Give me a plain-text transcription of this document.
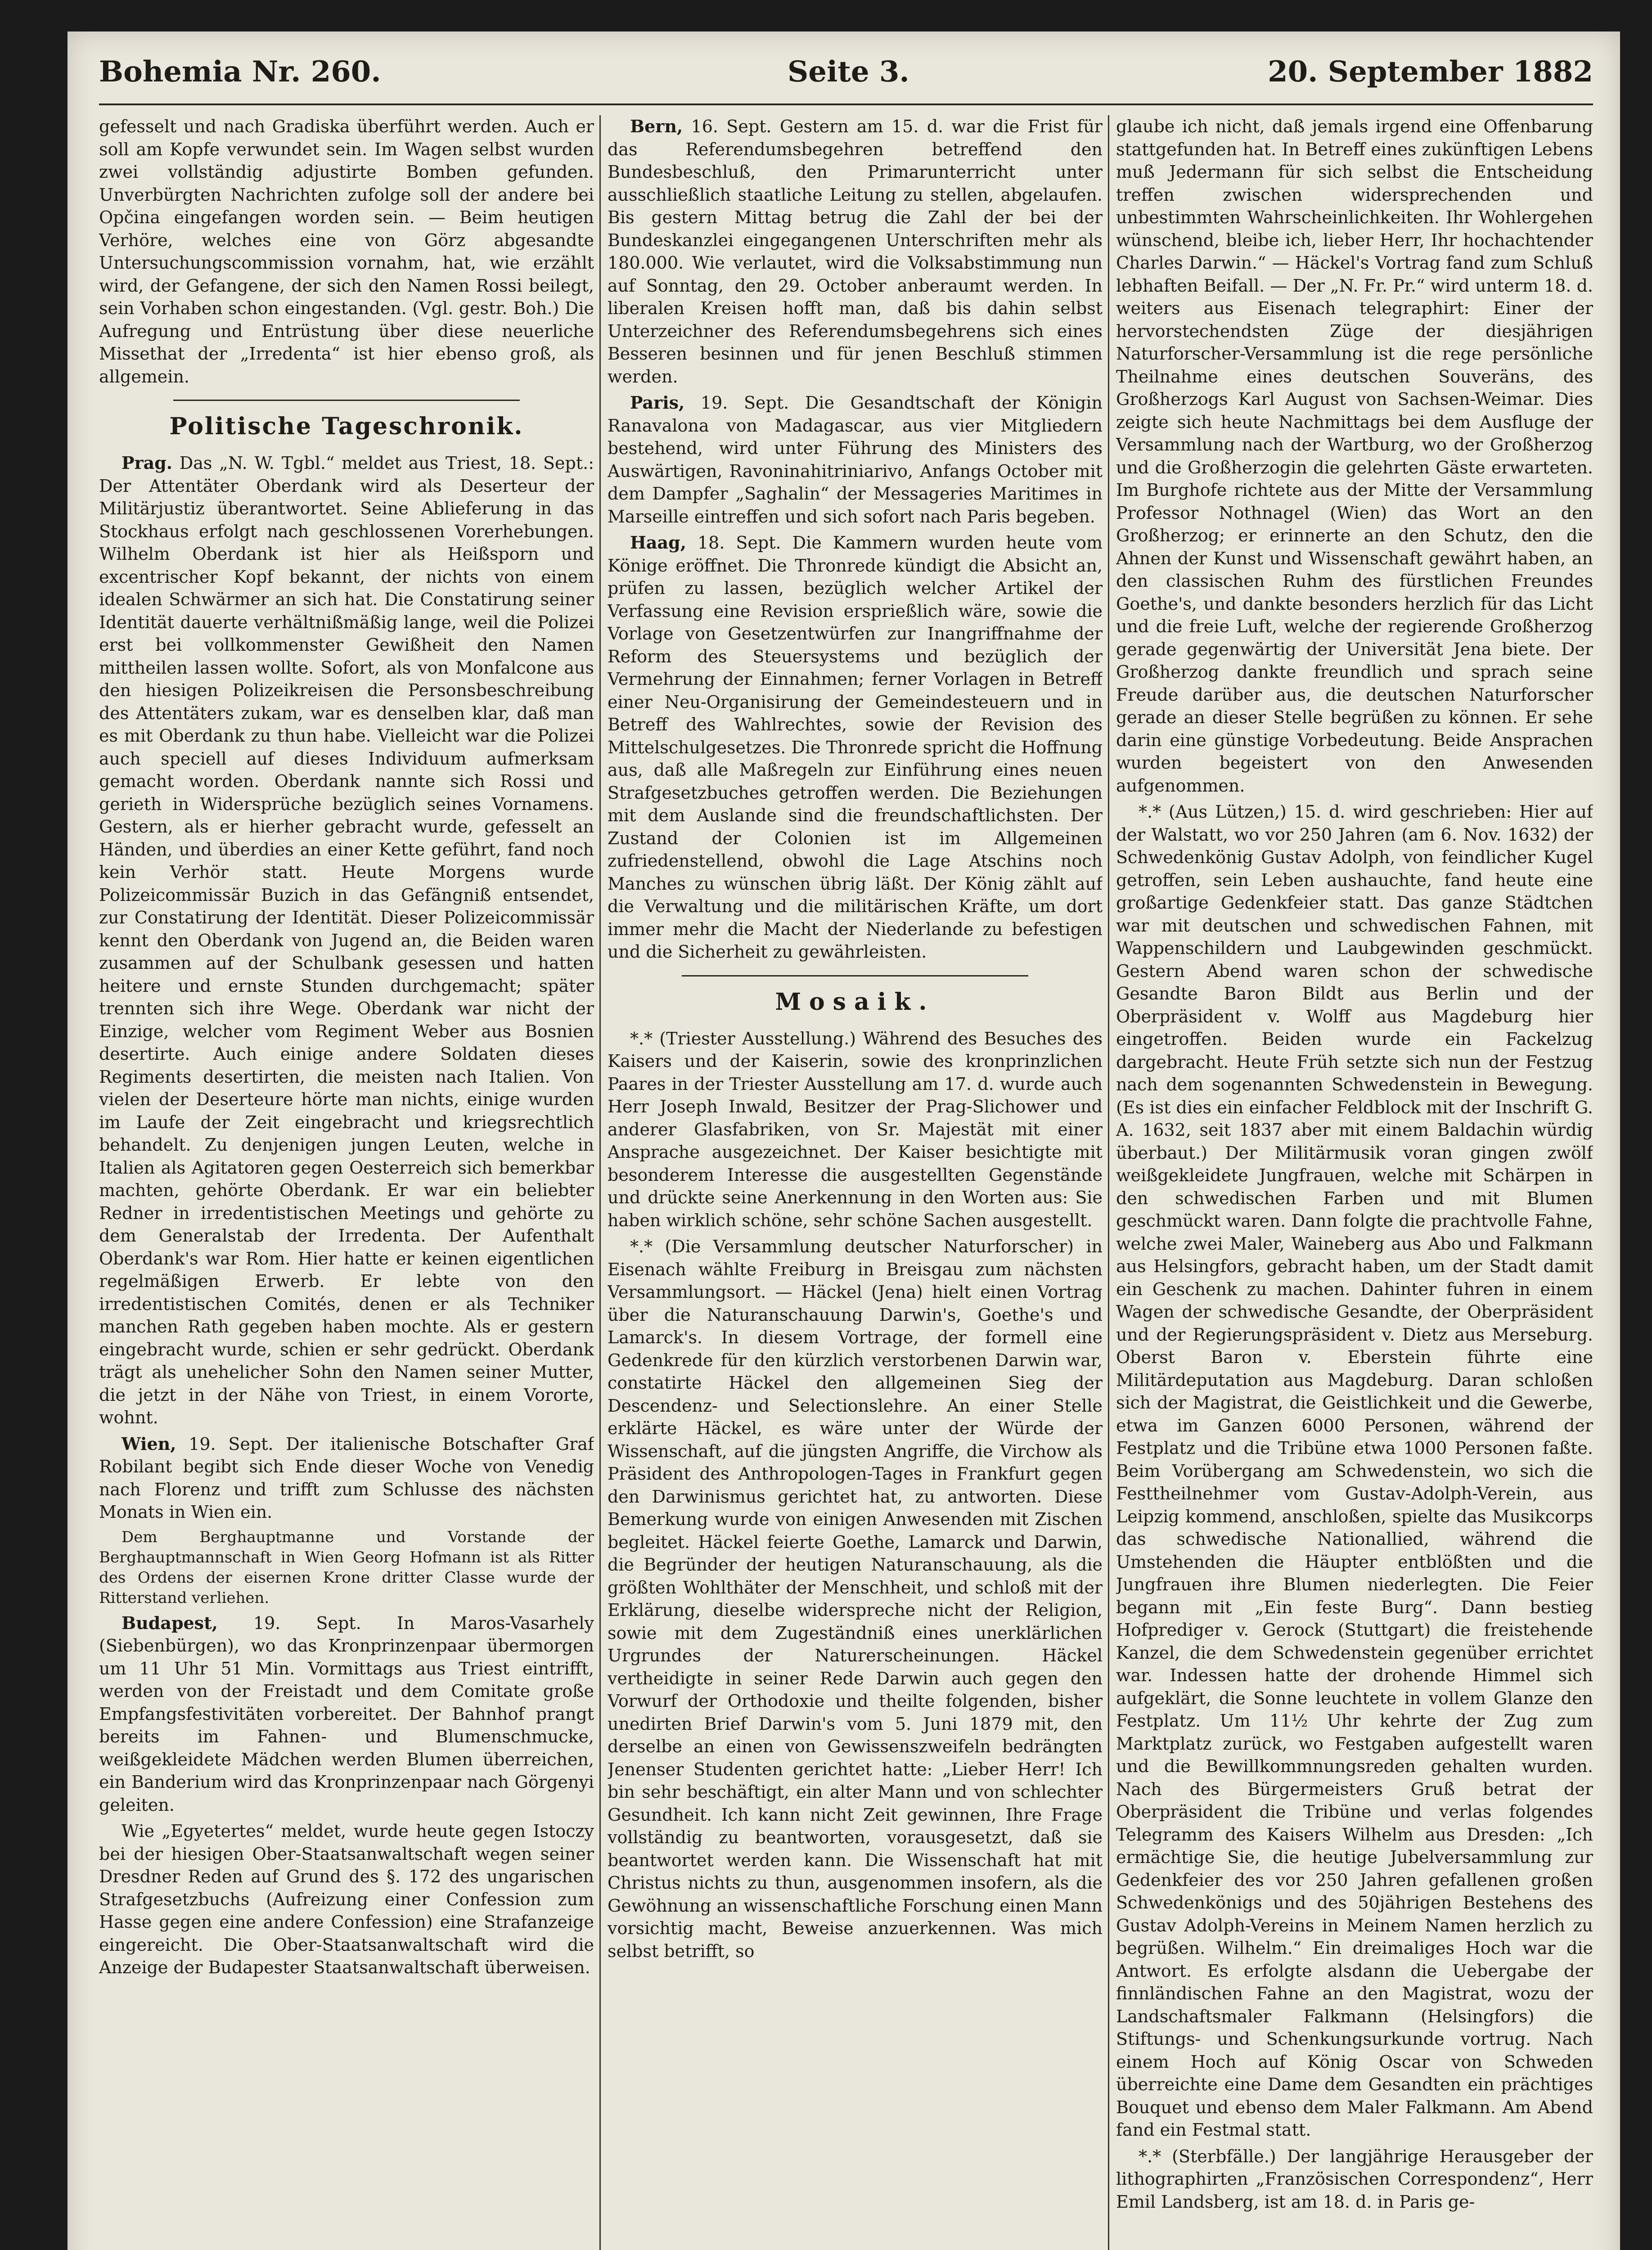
Bohemia Nr. 260.	Seite 3.	20. September 1882

gefesselt und nach Gradiska überführt werden. Auch er soll am Kopfe verwundet sein. Im Wagen selbst wurden zwei vollständig adjustirte Bomben gefunden. Unverbürgten Nachrichten zufolge soll der andere bei Opčina eingefangen worden sein. — Beim heutigen Verhöre, welches eine von Görz abgesandte Untersuchungscommission vornahm, hat, wie erzählt wird, der Gefangene, der sich den Namen Rossi beilegt, sein Vorhaben schon eingestanden. (Vgl. gestr. Boh.) Die Aufregung und Entrüstung über diese neuerliche Missethat der „Irredenta“ ist hier ebenso groß, als allgemein.

Politische Tageschronik.

Prag. Das „N. W. Tgbl.“ meldet aus Triest, 18. Sept.: Der Attentäter Oberdank wird als Deserteur der Militärjustiz überantwortet. Seine Ablieferung in das Stockhaus erfolgt nach geschlossenen Vorerhebungen. Wilhelm Oberdank ist hier als Heißsporn und excentrischer Kopf bekannt, der nichts von einem idealen Schwärmer an sich hat. Die Constatirung seiner Identität dauerte verhältnißmäßig lange, weil die Polizei erst bei vollkommenster Gewißheit den Namen mittheilen lassen wollte. Sofort, als von Monfalcone aus den hiesigen Polizeikreisen die Personsbeschreibung des Attentäters zukam, war es denselben klar, daß man es mit Oberdank zu thun habe. Vielleicht war die Polizei auch speciell auf dieses Individuum aufmerksam gemacht worden. Oberdank nannte sich Rossi und gerieth in Widersprüche bezüglich seines Vornamens. Gestern, als er hierher gebracht wurde, gefesselt an Händen, und überdies an einer Kette geführt, fand noch kein Verhör statt. Heute Morgens wurde Polizeicommissär Buzich in das Gefängniß entsendet, zur Constatirung der Identität. Dieser Polizeicommissär kennt den Oberdank von Jugend an, die Beiden waren zusammen auf der Schulbank gesessen und hatten heitere und ernste Stunden durchgemacht; später trennten sich ihre Wege. Oberdank war nicht der Einzige, welcher vom Regiment Weber aus Bosnien desertirte. Auch einige andere Soldaten dieses Regiments desertirten, die meisten nach Italien. Von vielen der Deserteure hörte man nichts, einige wurden im Laufe der Zeit eingebracht und kriegsrechtlich behandelt. Zu denjenigen jungen Leuten, welche in Italien als Agitatoren gegen Oesterreich sich bemerkbar machten, gehörte Oberdank. Er war ein beliebter Redner in irredentistischen Meetings und gehörte zu dem Generalstab der Irredenta. Der Aufenthalt Oberdank's war Rom. Hier hatte er keinen eigentlichen regelmäßigen Erwerb. Er lebte von den irredentistischen Comités, denen er als Techniker manchen Rath gegeben haben mochte. Als er gestern eingebracht wurde, schien er sehr gedrückt. Oberdank trägt als unehelicher Sohn den Namen seiner Mutter, die jetzt in der Nähe von Triest, in einem Vororte, wohnt.

Wien, 19. Sept. Der italienische Botschafter Graf Robilant begibt sich Ende dieser Woche von Venedig nach Florenz und trifft zum Schlusse des nächsten Monats in Wien ein.

Dem Berghauptmanne und Vorstande der Berghauptmannschaft in Wien Georg Hofmann ist als Ritter des Ordens der eisernen Krone dritter Classe wurde der Ritterstand verliehen.

Budapest, 19. Sept. In Maros-Vasarhely (Siebenbürgen), wo das Kronprinzenpaar übermorgen um 11 Uhr 51 Min. Vormittags aus Triest eintrifft, werden von der Freistadt und dem Comitate große Empfangsfestivitäten vorbereitet. Der Bahnhof prangt bereits im Fahnen- und Blumenschmucke, weißgekleidete Mädchen werden Blumen überreichen, ein Banderium wird das Kronprinzenpaar nach Görgenyi geleiten.

Wie „Egyetertes“ meldet, wurde heute gegen Istoczy bei der hiesigen Ober-Staatsanwaltschaft wegen seiner Dresdner Reden auf Grund des §. 172 des ungarischen Strafgesetzbuchs (Aufreizung einer Confession zum Hasse gegen eine andere Confession) eine Strafanzeige eingereicht. Die Ober-Staatsanwaltschaft wird die Anzeige der Budapester Staatsanwaltschaft überweisen.

Bern, 16. Sept. Gestern am 15. d. war die Frist für das Referendumsbegehren betreffend den Bundesbeschluß, den Primarunterricht unter ausschließlich staatliche Leitung zu stellen, abgelaufen. Bis gestern Mittag betrug die Zahl der bei der Bundeskanzlei eingegangenen Unterschriften mehr als 180.000. Wie verlautet, wird die Volksabstimmung nun auf Sonntag, den 29. October anberaumt werden. In liberalen Kreisen hofft man, daß bis dahin selbst Unterzeichner des Referendumsbegehrens sich eines Besseren besinnen und für jenen Beschluß stimmen werden.

Paris, 19. Sept. Die Gesandtschaft der Königin Ranavalona von Madagascar, aus vier Mitgliedern bestehend, wird unter Führung des Ministers des Auswärtigen, Ravoninahitriniarivo, Anfangs October mit dem Dampfer „Saghalin“ der Messageries Maritimes in Marseille eintreffen und sich sofort nach Paris begeben.

Haag, 18. Sept. Die Kammern wurden heute vom Könige eröffnet. Die Thronrede kündigt die Absicht an, prüfen zu lassen, bezüglich welcher Artikel der Verfassung eine Revision ersprießlich wäre, sowie die Vorlage von Gesetzentwürfen zur Inangriffnahme der Reform des Steuersystems und bezüglich der Vermehrung der Einnahmen; ferner Vorlagen in Betreff einer Neu-Organisirung der Gemeindesteuern und in Betreff des Wahlrechtes, sowie der Revision des Mittelschulgesetzes. Die Thronrede spricht die Hoffnung aus, daß alle Maßregeln zur Einführung eines neuen Strafgesetzbuches getroffen werden. Die Beziehungen mit dem Auslande sind die freundschaftlichsten. Der Zustand der Colonien ist im Allgemeinen zufriedenstellend, obwohl die Lage Atschins noch Manches zu wünschen übrig läßt. Der König zählt auf die Verwaltung und die militärischen Kräfte, um dort immer mehr die Macht der Niederlande zu befestigen und die Sicherheit zu gewährleisten.

Mosaik.

*.* (Triester Ausstellung.) Während des Besuches des Kaisers und der Kaiserin, sowie des kronprinzlichen Paares in der Triester Ausstellung am 17. d. wurde auch Herr Joseph Inwald, Besitzer der Prag-Slichower und anderer Glasfabriken, von Sr. Majestät mit einer Ansprache ausgezeichnet. Der Kaiser besichtigte mit besonderem Interesse die ausgestellten Gegenstände und drückte seine Anerkennung in den Worten aus: Sie haben wirklich schöne, sehr schöne Sachen ausgestellt.

*.* (Die Versammlung deutscher Naturforscher) in Eisenach wählte Freiburg in Breisgau zum nächsten Versammlungsort. — Häckel (Jena) hielt einen Vortrag über die Naturanschauung Darwin's, Goethe's und Lamarck's. In diesem Vortrage, der formell eine Gedenkrede für den kürzlich verstorbenen Darwin war, constatirte Häckel den allgemeinen Sieg der Descendenz- und Selectionslehre. An einer Stelle erklärte Häckel, es wäre unter der Würde der Wissenschaft, auf die jüngsten Angriffe, die Virchow als Präsident des Anthropologen-Tages in Frankfurt gegen den Darwinismus gerichtet hat, zu antworten. Diese Bemerkung wurde von einigen Anwesenden mit Zischen begleitet. Häckel feierte Goethe, Lamarck und Darwin, die Begründer der heutigen Naturanschauung, als die größten Wohlthäter der Menschheit, und schloß mit der Erklärung, dieselbe widerspreche nicht der Religion, sowie mit dem Zugeständniß eines unerklärlichen Urgrundes der Naturerscheinungen. Häckel vertheidigte in seiner Rede Darwin auch gegen den Vorwurf der Orthodoxie und theilte folgenden, bisher unedirten Brief Darwin's vom 5. Juni 1879 mit, den derselbe an einen von Gewissenszweifeln bedrängten Jenenser Studenten gerichtet hatte: „Lieber Herr! Ich bin sehr beschäftigt, ein alter Mann und von schlechter Gesundheit. Ich kann nicht Zeit gewinnen, Ihre Frage vollständig zu beantworten, vorausgesetzt, daß sie beantwortet werden kann. Die Wissenschaft hat mit Christus nichts zu thun, ausgenommen insofern, als die Gewöhnung an wissenschaftliche Forschung einen Mann vorsichtig macht, Beweise anzuerkennen. Was mich selbst betrifft, so

glaube ich nicht, daß jemals irgend eine Offenbarung stattgefunden hat. In Betreff eines zukünftigen Lebens muß Jedermann für sich selbst die Entscheidung treffen zwischen widersprechenden und unbestimmten Wahrscheinlichkeiten. Ihr Wohlergehen wünschend, bleibe ich, lieber Herr, Ihr hochachtender Charles Darwin.“ — Häckel's Vortrag fand zum Schluß lebhaften Beifall. — Der „N. Fr. Pr.“ wird unterm 18. d. weiters aus Eisenach telegraphirt: Einer der hervorstechendsten Züge der diesjährigen Naturforscher-Versammlung ist die rege persönliche Theilnahme eines deutschen Souveräns, des Großherzogs Karl August von Sachsen-Weimar. Dies zeigte sich heute Nachmittags bei dem Ausfluge der Versammlung nach der Wartburg, wo der Großherzog und die Großherzogin die gelehrten Gäste erwarteten. Im Burghofe richtete aus der Mitte der Versammlung Professor Nothnagel (Wien) das Wort an den Großherzog; er erinnerte an den Schutz, den die Ahnen der Kunst und Wissenschaft gewährt haben, an den classischen Ruhm des fürstlichen Freundes Goethe's, und dankte besonders herzlich für das Licht und die freie Luft, welche der regierende Großherzog gerade gegenwärtig der Universität Jena biete. Der Großherzog dankte freundlich und sprach seine Freude darüber aus, die deutschen Naturforscher gerade an dieser Stelle begrüßen zu können. Er sehe darin eine günstige Vorbedeutung. Beide Ansprachen wurden begeistert von den Anwesenden aufgenommen.

*.* (Aus Lützen,) 15. d. wird geschrieben: Hier auf der Walstatt, wo vor 250 Jahren (am 6. Nov. 1632) der Schwedenkönig Gustav Adolph, von feindlicher Kugel getroffen, sein Leben aushauchte, fand heute eine großartige Gedenkfeier statt. Das ganze Städtchen war mit deutschen und schwedischen Fahnen, mit Wappenschildern und Laubgewinden geschmückt. Gestern Abend waren schon der schwedische Gesandte Baron Bildt aus Berlin und der Oberpräsident v. Wolff aus Magdeburg hier eingetroffen. Beiden wurde ein Fackelzug dargebracht. Heute Früh setzte sich nun der Festzug nach dem sogenannten Schwedenstein in Bewegung. (Es ist dies ein einfacher Feldblock mit der Inschrift G. A. 1632, seit 1837 aber mit einem Baldachin würdig überbaut.) Der Militärmusik voran gingen zwölf weißgekleidete Jungfrauen, welche mit Schärpen in den schwedischen Farben und mit Blumen geschmückt waren. Dann folgte die prachtvolle Fahne, welche zwei Maler, Waineberg aus Abo und Falkmann aus Helsingfors, gebracht haben, um der Stadt damit ein Geschenk zu machen. Dahinter fuhren in einem Wagen der schwedische Gesandte, der Oberpräsident und der Regierungspräsident v. Dietz aus Merseburg. Oberst Baron v. Eberstein führte eine Militärdeputation aus Magdeburg. Daran schloßen sich der Magistrat, die Geistlichkeit und die Gewerbe, etwa im Ganzen 6000 Personen, während der Festplatz und die Tribüne etwa 1000 Personen faßte. Beim Vorübergang am Schwedenstein, wo sich die Festtheilnehmer vom Gustav-Adolph-Verein, aus Leipzig kommend, anschloßen, spielte das Musikcorps das schwedische Nationallied, während die Umstehenden die Häupter entblößten und die Jungfrauen ihre Blumen niederlegten. Die Feier begann mit „Ein feste Burg“. Dann bestieg Hofprediger v. Gerock (Stuttgart) die freistehende Kanzel, die dem Schwedenstein gegenüber errichtet war. Indessen hatte der drohende Himmel sich aufgeklärt, die Sonne leuchtete in vollem Glanze den Festplatz. Um 11½ Uhr kehrte der Zug zum Marktplatz zurück, wo Festgaben aufgestellt waren und die Bewillkommnungsreden gehalten wurden. Nach des Bürgermeisters Gruß betrat der Oberpräsident die Tribüne und verlas folgendes Telegramm des Kaisers Wilhelm aus Dresden: „Ich ermächtige Sie, die heutige Jubelversammlung zur Gedenkfeier des vor 250 Jahren gefallenen großen Schwedenkönigs und des 50jährigen Bestehens des Gustav Adolph-Vereins in Meinem Namen herzlich zu begrüßen. Wilhelm.“ Ein dreimaliges Hoch war die Antwort. Es erfolgte alsdann die Uebergabe der finnländischen Fahne an den Magistrat, wozu der Landschaftsmaler Falkmann (Helsingfors) die Stiftungs- und Schenkungsurkunde vortrug. Nach einem Hoch auf König Oscar von Schweden überreichte eine Dame dem Gesandten ein prächtiges Bouquet und ebenso dem Maler Falkmann. Am Abend fand ein Festmal statt.

*.* (Sterbfälle.) Der langjährige Herausgeber der lithographirten „Französischen Correspondenz“, Herr Emil Landsberg, ist am 18. d. in Paris ge-
